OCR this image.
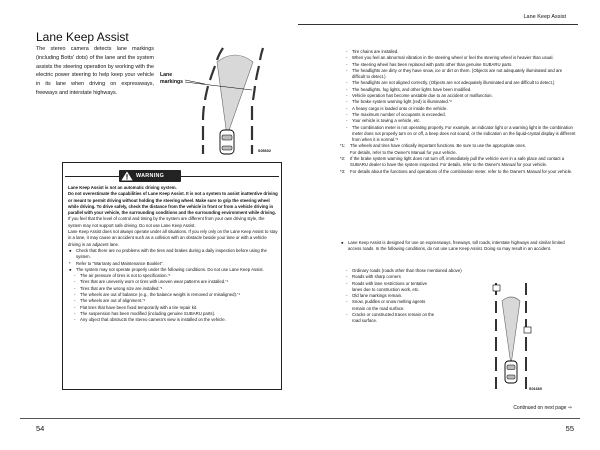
Lane Keep Assist
Lane Keep Assist

The stereo camera detects lane markings (including Botts' dots) of the lane and the system assists the steering operation by working with the electric power steering to help keep your vehicle in its lane when driving on expressways, freeways and interstate highways.

Lane markings
S05602
WARNING

Lane Keep Assist is not an automatic driving system.

Do not overestimate the capabilities of Lane Keep Assist. It is not a system to assist inattentive driving or meant to permit driving without holding the steering wheel. Make sure to grip the steering wheel while driving. To drive safely, check the distance from the vehicle in front or from a vehicle driving in parallel with your vehicle, the surrounding conditions and the surrounding environment while driving.

If you feel that the level of control and timing by the system are different from your own driving style, the system may not support safe driving. Do not use Lane Keep Assist.

Lane Keep Assist does not always operate under all situations. If you rely only on the Lane Keep Assist to stay in a lane, it may cause an accident such as a collision with an obstacle beside your lane or with a vehicle driving in an adjacent lane.

● Check that there are no problems with the tires and brakes during a daily inspection before using the system.

* Refer to "Warranty and Maintenance Booklet".

● The system may not operate properly under the following conditions. Do not use Lane Keep Assist.

- The air pressure of tires is not to specification.$^{*1}$

- Tires that are unevenly worn or tires with uneven wear patterns are installed.$^{*1}$

- Tires that are the wrong size are installed.$^{*1}$

- The wheels are out of balance (e.g., the balance weight is removed or misaligned).$^{*1}$

- The wheels are out of alignment.$^{*1}$

- Flat tires that have been fixed temporarily with a tire repair kit.

- The suspension has been modified (including genuine SUBARU parts).

- Any object that obstructs the stereo camera's view is installed on the vehicle.

- Tire chains are installed.

- When you feel an abnormal vibration in the steering wheel or feel the steering wheel is heavier than usual.

- The steering wheel has been replaced with parts other than genuine SUBARU parts.

- The headlights are dirty or they have snow, ice or dirt on them. (Objects are not adequately illuminated and are difficult to detect.)

- The headlights are not aligned correctly. (Objects are not adequately illuminated and are difficult to detect.)

- The headlights, fog lights, and other lights have been modified.

- Vehicle operation has become unstable due to an accident or malfunction.

- The brake system warning light (red) is illuminated.$^{*2}$

- A heavy cargo is loaded onto or inside the vehicle.

- The maximum number of occupants is exceeded.

- Your vehicle is towing a vehicle, etc.

- The combination meter is not operating properly. For example, an indicator light or a warning light in the combination meter does not properly turn on or off, a beep does not sound, or the indication on the liquid-crystal display is different from when it is normal.$^{*3}$

*1: The wheels and tires have critically important functions. Be sure to use the appropriate ones.

For details, refer to the Owner's Manual for your vehicle.

*2: If the brake system warning light does not turn off, immediately pull the vehicle over in a safe place and contact a SUBARU dealer to have the system inspected. For details, refer to the Owner's Manual for your vehicle.

*3: For details about the functions and operations of the combination meter, refer to the Owner's Manual for your vehicle.

● Lane Keep Assist is designed for use on expressways, freeways, toll roads, interstate highways and similar limited access roads. In the following conditions, do not use Lane Keep Assist. Doing so may result in an accident.

- Ordinary roads (roads other than those mentioned above)

- Roads with sharp corners

- Roads with lane restrictions or tentative lanes due to construction work, etc.

- Old lane markings remain.

- Snow, puddles or snow melting agents remain on the road surface.

- Cracks or constructed traces remain on the road surface.

S01660
Continued on next page ⇒
54	55
